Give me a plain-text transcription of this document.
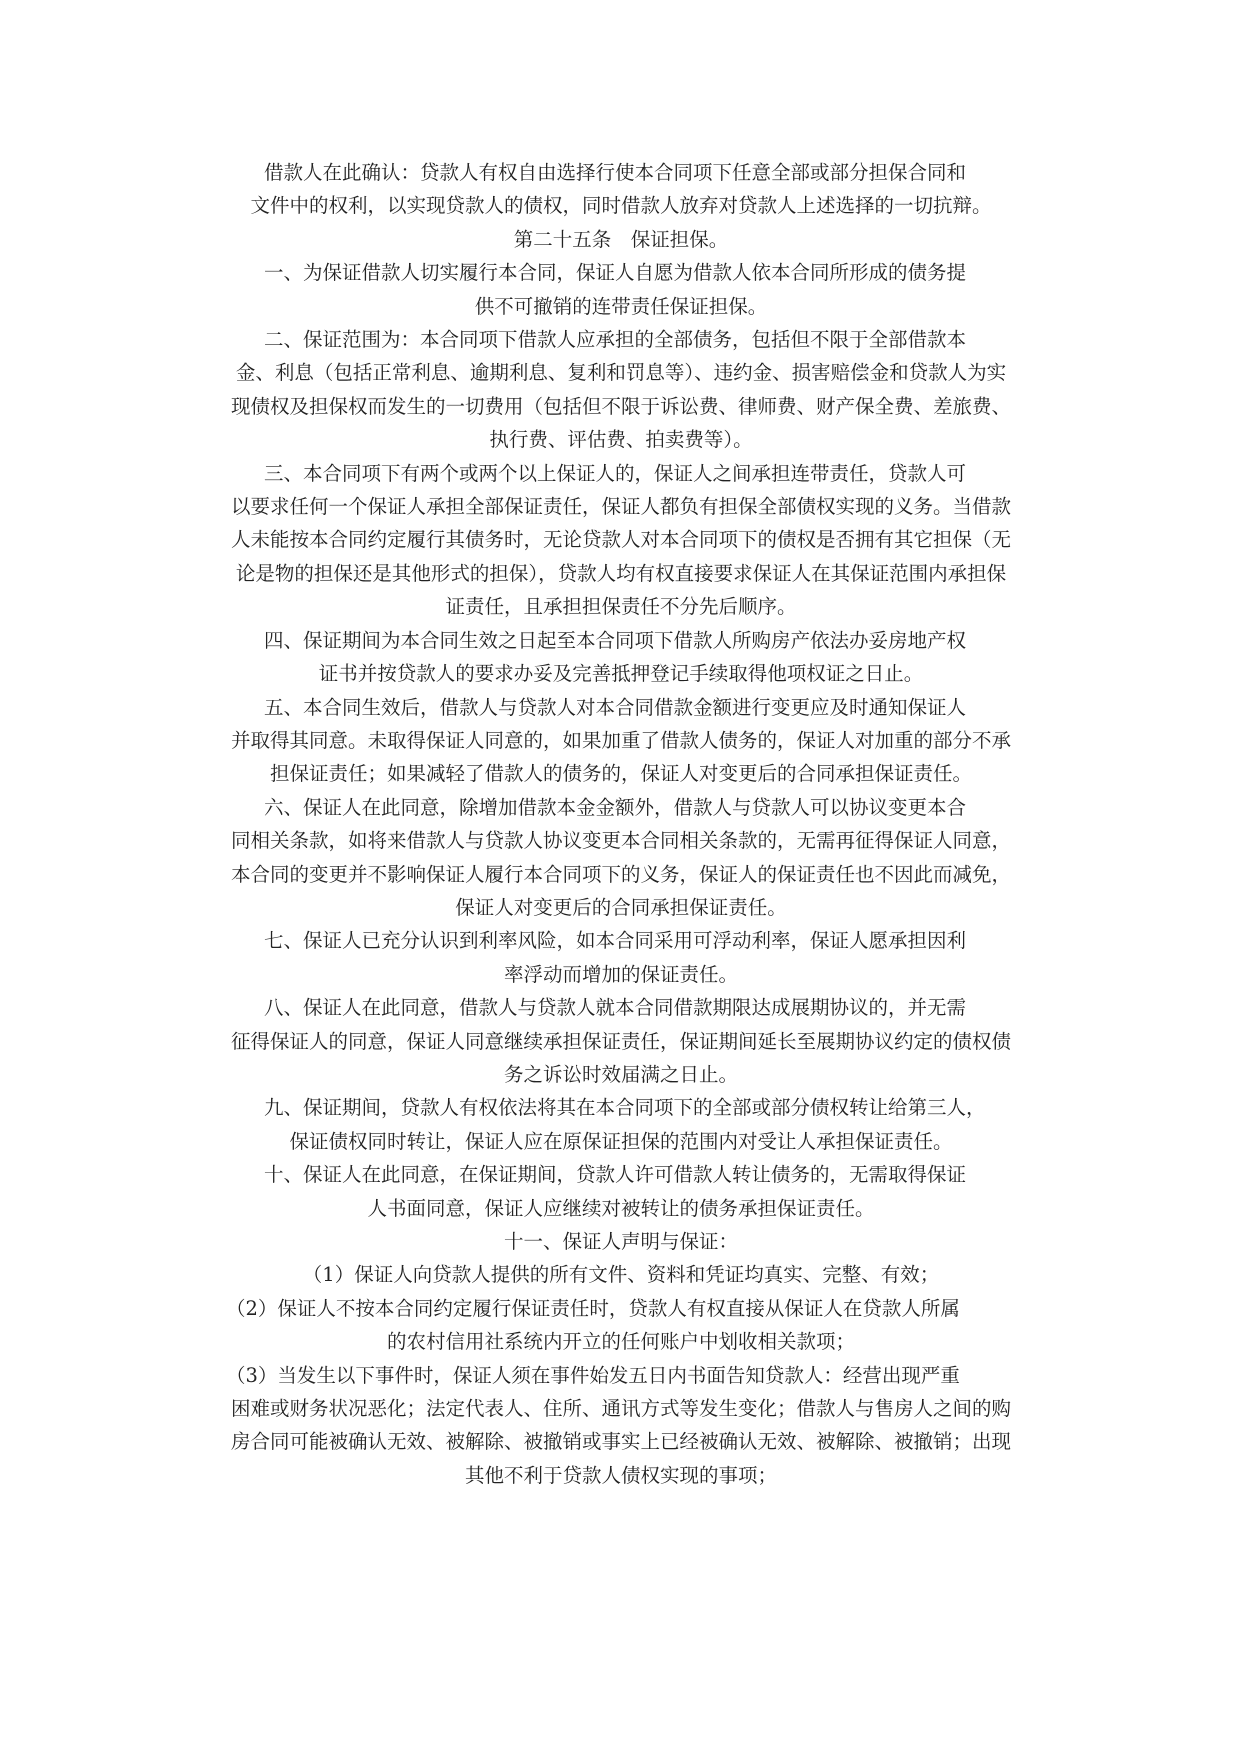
借款人在此确认：贷款人有权自由选择行使本合同项下任意全部或部分担保合同和
文件中的权利，以实现贷款人的债权，同时借款人放弃对贷款人上述选择的一切抗辩。

第二十五条　保证担保。

一、为保证借款人切实履行本合同，保证人自愿为借款人依本合同所形成的债务提
供不可撤销的连带责任保证担保。

二、保证范围为：本合同项下借款人应承担的全部债务，包括但不限于全部借款本
金、利息（包括正常利息、逾期利息、复利和罚息等）、违约金、损害赔偿金和贷款人为实
现债权及担保权而发生的一切费用（包括但不限于诉讼费、律师费、财产保全费、差旅费、
执行费、评估费、拍卖费等）。

三、本合同项下有两个或两个以上保证人的，保证人之间承担连带责任，贷款人可
以要求任何一个保证人承担全部保证责任，保证人都负有担保全部债权实现的义务。当借款
人未能按本合同约定履行其债务时，无论贷款人对本合同项下的债权是否拥有其它担保（无
论是物的担保还是其他形式的担保），贷款人均有权直接要求保证人在其保证范围内承担保
证责任，且承担担保责任不分先后顺序。

四、保证期间为本合同生效之日起至本合同项下借款人所购房产依法办妥房地产权
证书并按贷款人的要求办妥及完善抵押登记手续取得他项权证之日止。

五、本合同生效后，借款人与贷款人对本合同借款金额进行变更应及时通知保证人
并取得其同意。未取得保证人同意的，如果加重了借款人债务的，保证人对加重的部分不承
担保证责任；如果减轻了借款人的债务的，保证人对变更后的合同承担保证责任。

六、保证人在此同意，除增加借款本金金额外，借款人与贷款人可以协议变更本合
同相关条款，如将来借款人与贷款人协议变更本合同相关条款的，无需再征得保证人同意，
本合同的变更并不影响保证人履行本合同项下的义务，保证人的保证责任也不因此而减免，
保证人对变更后的合同承担保证责任。

七、保证人已充分认识到利率风险，如本合同采用可浮动利率，保证人愿承担因利
率浮动而增加的保证责任。

八、保证人在此同意，借款人与贷款人就本合同借款期限达成展期协议的，并无需
征得保证人的同意，保证人同意继续承担保证责任，保证期间延长至展期协议约定的债权债
务之诉讼时效届满之日止。

九、保证期间，贷款人有权依法将其在本合同项下的全部或部分债权转让给第三人，
保证债权同时转让，保证人应在原保证担保的范围内对受让人承担保证责任。

十、保证人在此同意，在保证期间，贷款人许可借款人转让债务的，无需取得保证
人书面同意，保证人应继续对被转让的债务承担保证责任。

十一、保证人声明与保证：

（1）保证人向贷款人提供的所有文件、资料和凭证均真实、完整、有效；

（2）保证人不按本合同约定履行保证责任时，贷款人有权直接从保证人在贷款人所属
的农村信用社系统内开立的任何账户中划收相关款项；

（3）当发生以下事件时，保证人须在事件始发五日内书面告知贷款人：经营出现严重
困难或财务状况恶化；法定代表人、住所、通讯方式等发生变化；借款人与售房人之间的购
房合同可能被确认无效、被解除、被撤销或事实上已经被确认无效、被解除、被撤销；出现
其他不利于贷款人债权实现的事项；
